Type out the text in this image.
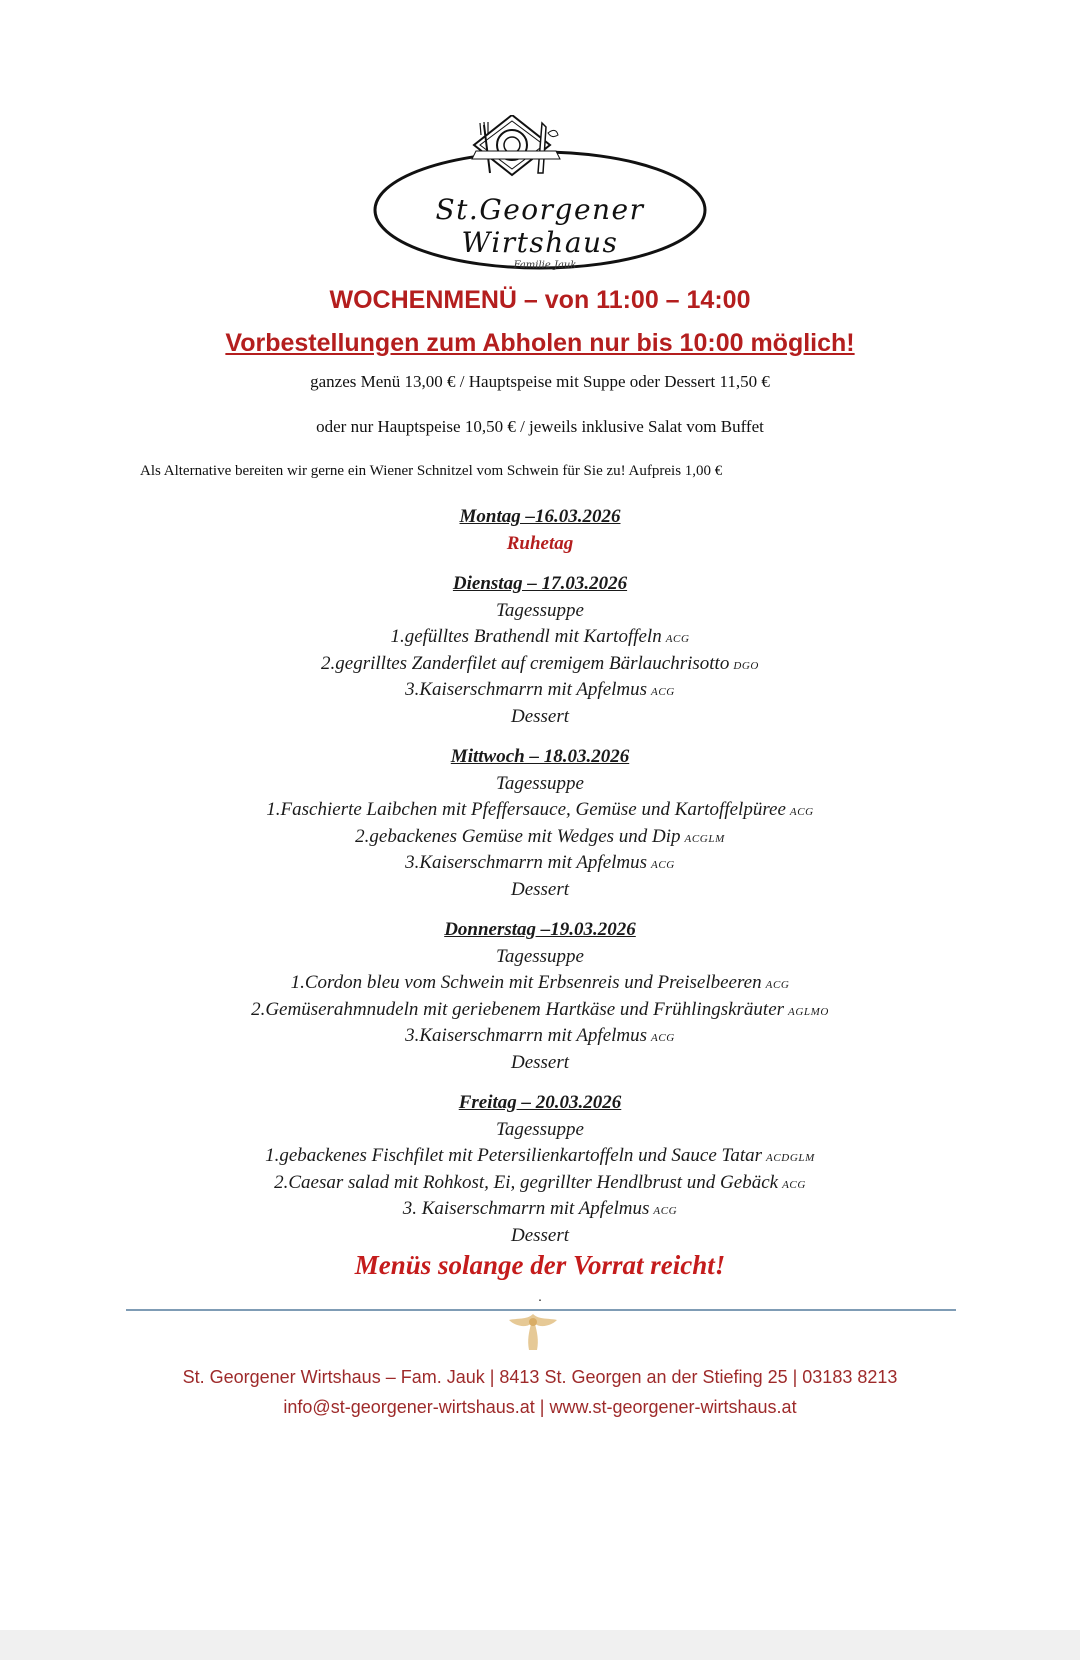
St.Georgener Wirtshaus
Familie Jauk
WOCHENMENÜ – von 11:00 – 14:00
Vorbestellungen zum Abholen nur bis 10:00 möglich!
ganzes Menü 13,00 € / Hauptspeise mit Suppe oder Dessert 11,50 €
oder nur Hauptspeise 10,50 € / jeweils inklusive Salat vom Buffet
Als Alternative bereiten wir gerne ein Wiener Schnitzel vom Schwein für Sie zu! Aufpreis 1,00 €
Montag –16.03.2026
Ruhetag
Dienstag – 17.03.2026
Tagessuppe
1.gefülltes Brathendl mit Kartoffeln ACG
2.gegrilltes Zanderfilet auf cremigem Bärlauchrisotto DGO
3.Kaiserschmarrn mit Apfelmus ACG
Dessert
Mittwoch – 18.03.2026
Tagessuppe
1.Faschierte Laibchen mit Pfeffersauce, Gemüse und Kartoffelpüree ACG
2.gebackenes Gemüse mit Wedges und Dip ACGLM
3.Kaiserschmarrn mit Apfelmus ACG
Dessert
Donnerstag –19.03.2026
Tagessuppe
1.Cordon bleu vom Schwein mit Erbsenreis und Preiselbeeren ACG
2.Gemüserahmnudeln mit geriebenem Hartkäse und Frühlingskräuter AGLMO
3.Kaiserschmarrn mit Apfelmus ACG
Dessert
Freitag – 20.03.2026
Tagessuppe
1.gebackenes Fischfilet mit Petersilienkartoffeln und Sauce Tatar ACDGLM
2.Caesar salad mit Rohkost, Ei, gegrillter Hendlbrust und Gebäck ACG
3. Kaiserschmarrn mit Apfelmus ACG
Dessert
Menüs solange der Vorrat reicht!
.
St. Georgener Wirtshaus – Fam. Jauk | 8413 St. Georgen an der Stiefing 25 | 03183 8213
info@st-georgener-wirtshaus.at | www.st-georgener-wirtshaus.at
